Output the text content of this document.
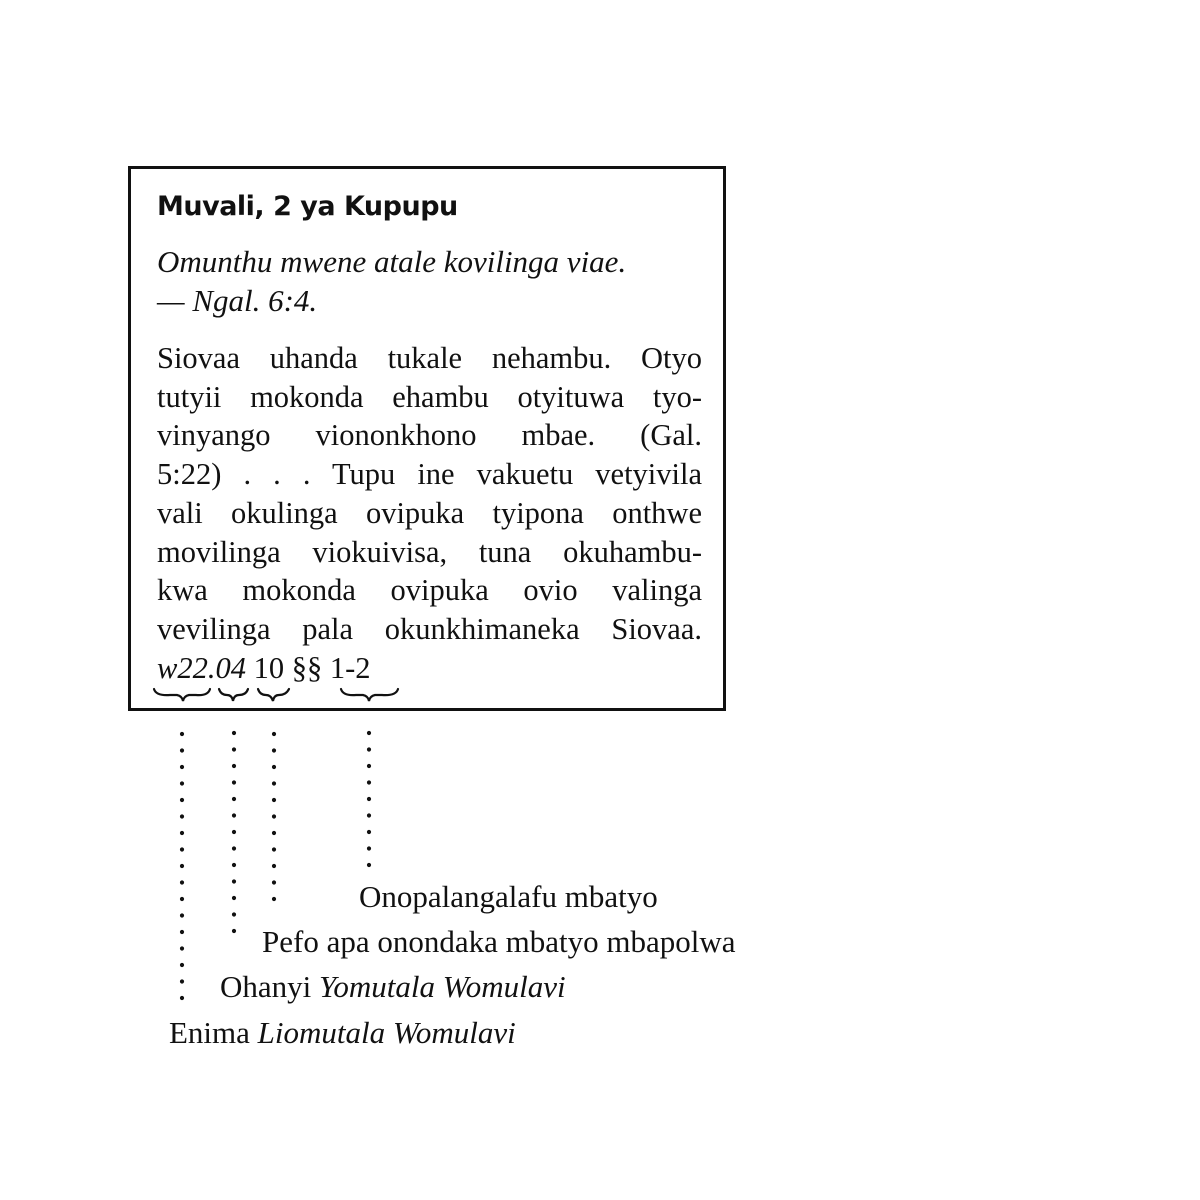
Muvali, 2 ya Kupupu
Omunthu mwene atale kovilinga viae.
— Ngal. 6:4.
Siovaa uhanda tukale nehambu. Otyo
tutyii mokonda ehambu otyituwa tyo-
vinyango viononkhono mbae. (Gal.
5:22) . . . Tupu ine vakuetu vetyivila
vali okulinga ovipuka tyipona onthwe
movilinga viokuivisa, tuna okuhambu-
kwa mokonda ovipuka ovio valinga
vevilinga pala okunkhimaneka Siovaa.
w22.04 10 §§ 1-2
Onopalangalafu mbatyo
Pefo apa onondaka mbatyo mbapolwa
Ohanyi Yomutala Womulavi
Enima Liomutala Womulavi
